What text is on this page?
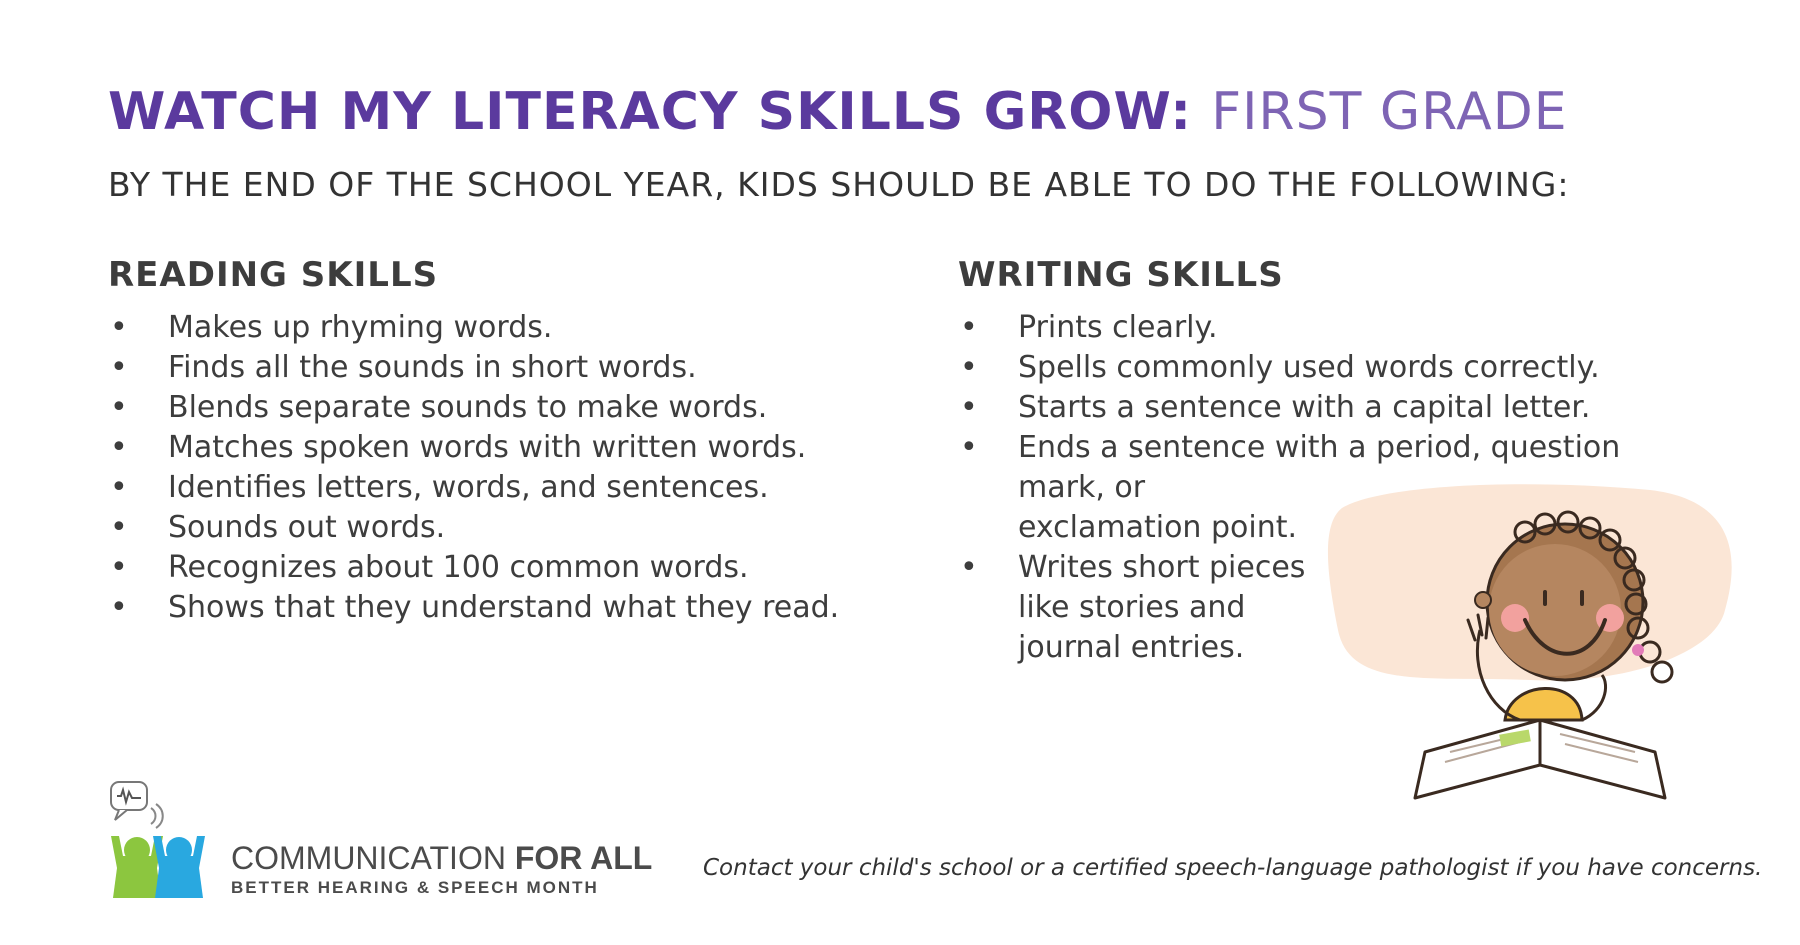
WATCH MY LITERACY SKILLS GROW: FIRST GRADE

BY THE END OF THE SCHOOL YEAR, KIDS SHOULD BE ABLE TO DO THE FOLLOWING:

READING SKILLS
• Makes up rhyming words.
• Finds all the sounds in short words.
• Blends separate sounds to make words.
• Matches spoken words with written words.
• Identifies letters, words, and sentences.
• Sounds out words.
• Recognizes about 100 common words.
• Shows that they understand what they read.
WRITING SKILLS
• Prints clearly.
• Spells commonly used words correctly.
• Starts a sentence with a capital letter.
• Ends a sentence with a period, question
mark, or
exclamation point.
• Writes short pieces
like stories and
journal entries.
COMMUNICATION FOR ALL
BETTER HEARING & SPEECH MONTH
Contact your child's school or a certified speech-language pathologist if you have concerns.
